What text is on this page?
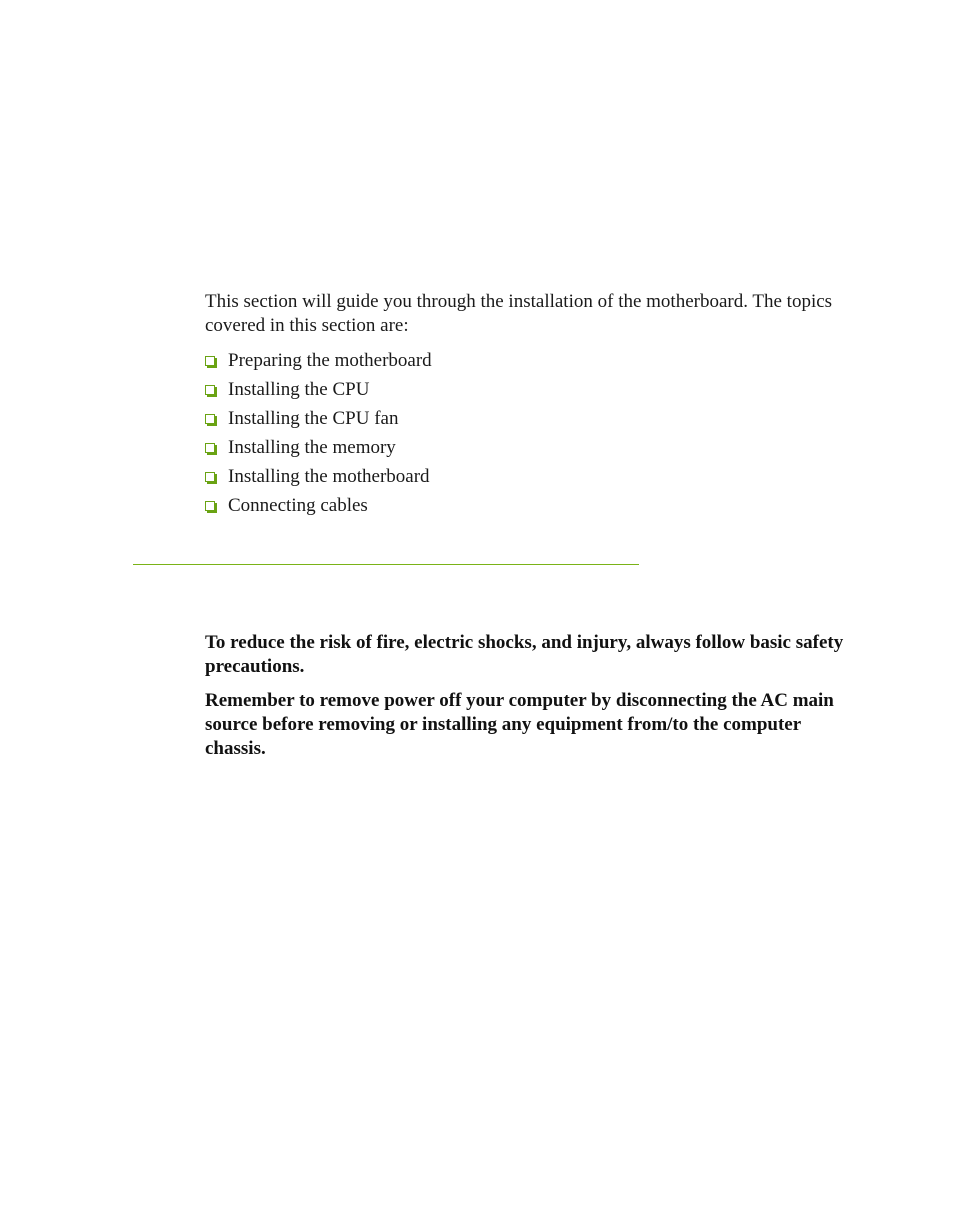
This section will guide you through the installation of the motherboard. The topics covered in this section are:

Preparing the motherboard
Installing the CPU
Installing the CPU fan
Installing the memory
Installing the motherboard
Connecting cables

To reduce the risk of fire, electric shocks, and injury, always follow basic safety precautions.

Remember to remove power off your computer by disconnecting the AC main source before removing or installing any equipment from/to the computer chassis.
